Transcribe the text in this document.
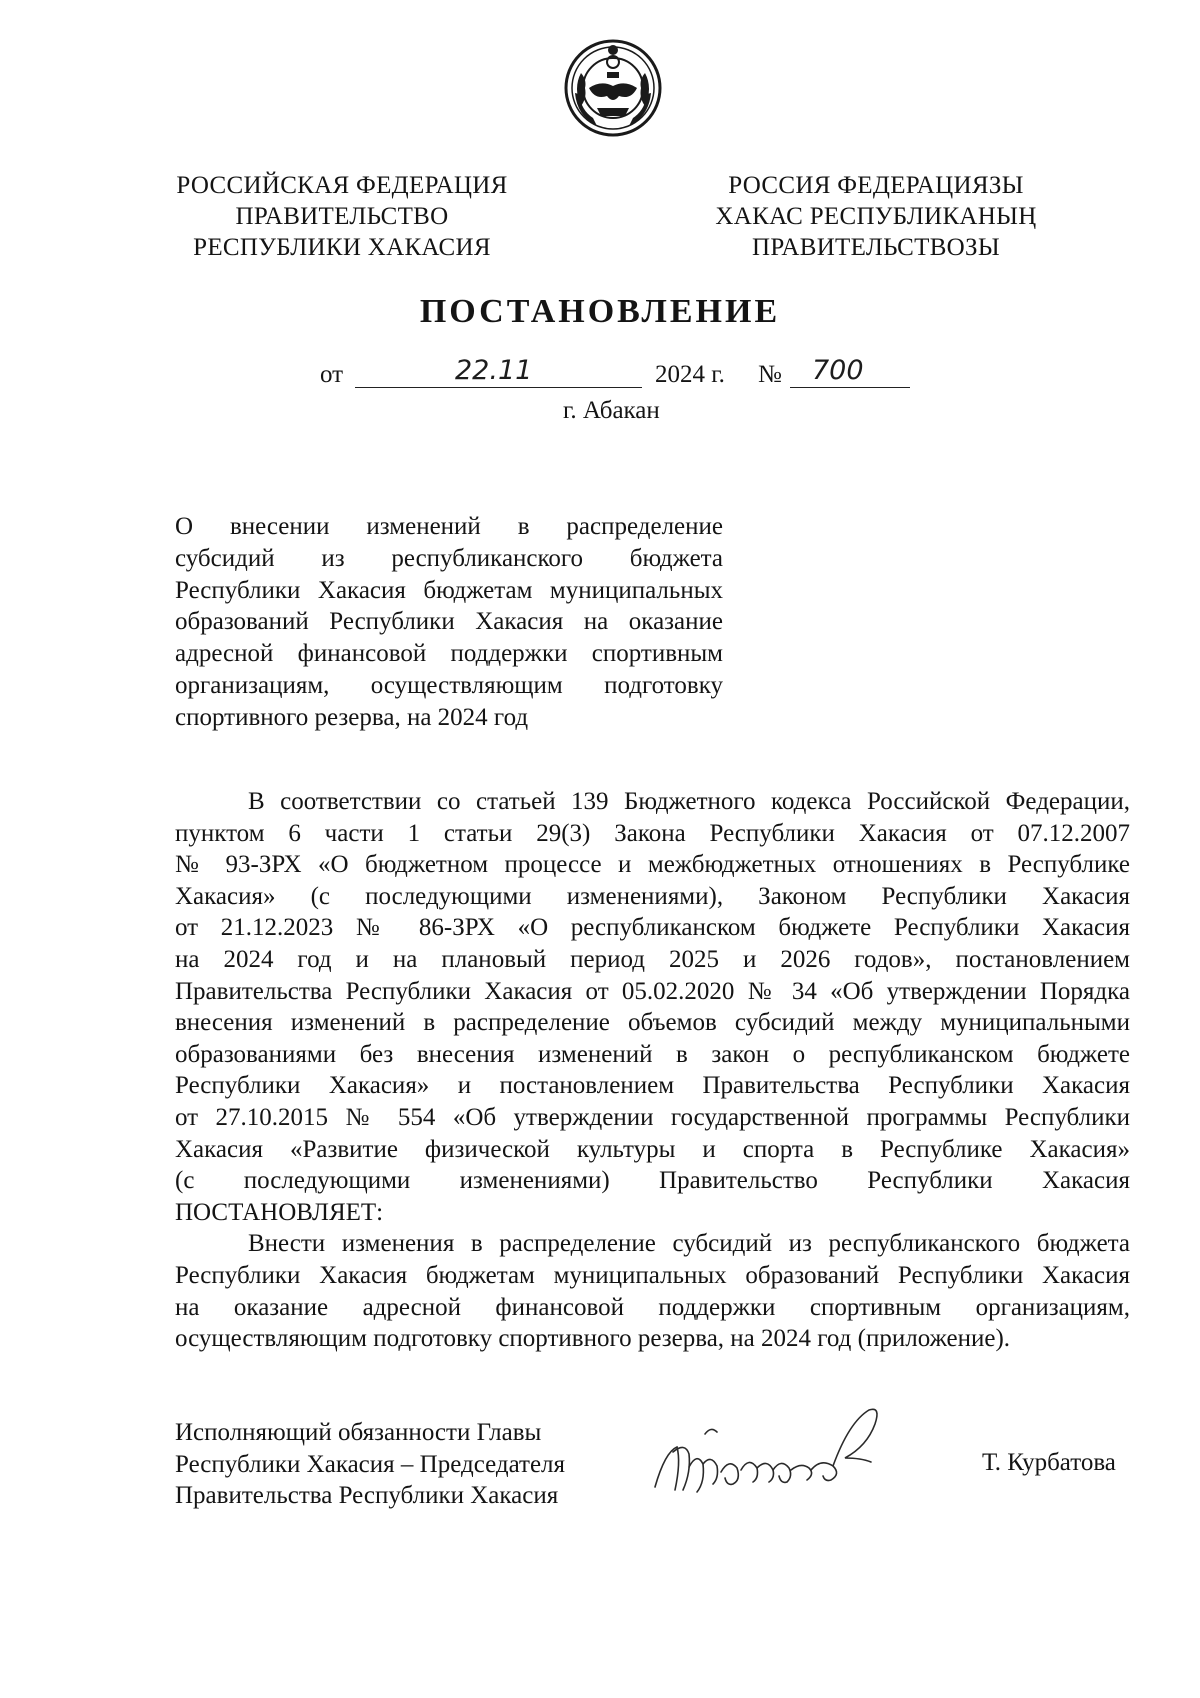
РОССИЙСКАЯ ФЕДЕРАЦИЯ
ПРАВИТЕЛЬСТВО
РЕСПУБЛИКИ ХАКАСИЯ
РОССИЯ ФЕДЕРАЦИЯЗЫ
ХАКАС РЕСПУБЛИКАНЫҢ
ПРАВИТЕЛЬСТВОЗЫ
ПОСТАНОВЛЕНИЕ
от	22.11	2024 г. № 700
г. Абакан
О внесении изменений в распределение
субсидий из республиканского бюджета
Республики Хакасия бюджетам муниципальных
образований Республики Хакасия на оказание
адресной финансовой поддержки спортивным
организациям, осуществляющим подготовку
спортивного резерва, на 2024 год
В соответствии со статьей 139 Бюджетного кодекса Российской Федерации,
пунктом 6 части 1 статьи 29(3) Закона Республики Хакасия от 07.12.2007
№ 93-ЗРХ «О бюджетном процессе и межбюджетных отношениях в Республике
Хакасия» (с последующими изменениями), Законом Республики Хакасия
от 21.12.2023 № 86-ЗРХ «О республиканском бюджете Республики Хакасия
на 2024 год и на плановый период 2025 и 2026 годов», постановлением
Правительства Республики Хакасия от 05.02.2020 № 34 «Об утверждении Порядка
внесения изменений в распределение объемов субсидий между муниципальными
образованиями без внесения изменений в закон о республиканском бюджете
Республики Хакасия» и постановлением Правительства Республики Хакасия
от 27.10.2015 № 554 «Об утверждении государственной программы Республики
Хакасия «Развитие физической культуры и спорта в Республике Хакасия»
(с последующими изменениями) Правительство Республики Хакасия
ПОСТАНОВЛЯЕТ:
Внести изменения в распределение субсидий из республиканского бюджета
Республики Хакасия бюджетам муниципальных образований Республики Хакасия
на оказание адресной финансовой поддержки спортивным организациям,
осуществляющим подготовку спортивного резерва, на 2024 год (приложение).
Исполняющий обязанности Главы
Республики Хакасия – Председателя
Правительства Республики Хакасия
Т. Курбатова
